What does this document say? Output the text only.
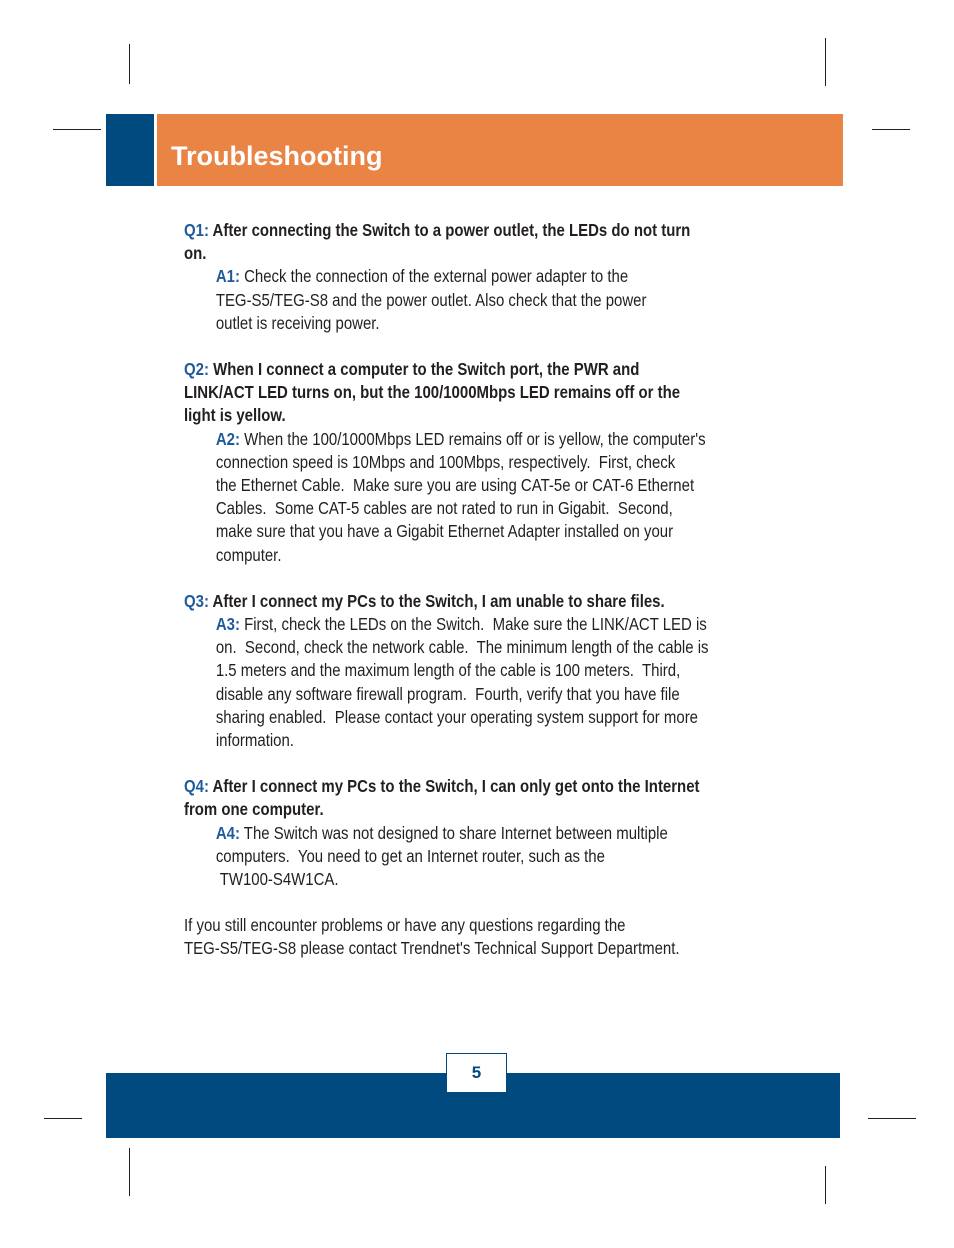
Troubleshooting
Q1: After connecting the Switch to a power outlet, the LEDs do not turn
on.
A1: Check the connection of the external power adapter to the
TEG-S5/TEG-S8 and the power outlet. Also check that the power
outlet is receiving power.
Q2: When I connect a computer to the Switch port, the PWR and
LINK/ACT LED turns on, but the 100/1000Mbps LED remains off or the
light is yellow.
A2: When the 100/1000Mbps LED remains off or is yellow, the computer's
connection speed is 10Mbps and 100Mbps, respectively.  First, check
the Ethernet Cable.  Make sure you are using CAT-5e or CAT-6 Ethernet
Cables.  Some CAT-5 cables are not rated to run in Gigabit.  Second,
make sure that you have a Gigabit Ethernet Adapter installed on your
computer.
Q3: After I connect my PCs to the Switch, I am unable to share files.
A3: First, check the LEDs on the Switch.  Make sure the LINK/ACT LED is
on.  Second, check the network cable.  The minimum length of the cable is
1.5 meters and the maximum length of the cable is 100 meters.  Third,
disable any software firewall program.  Fourth, verify that you have file
sharing enabled.  Please contact your operating system support for more
information.
Q4: After I connect my PCs to the Switch, I can only get onto the Internet
from one computer.
A4: The Switch was not designed to share Internet between multiple
computers.  You need to get an Internet router, such as the
TW100-S4W1CA.
If you still encounter problems or have any questions regarding the
TEG-S5/TEG-S8 please contact Trendnet's Technical Support Department.
5
